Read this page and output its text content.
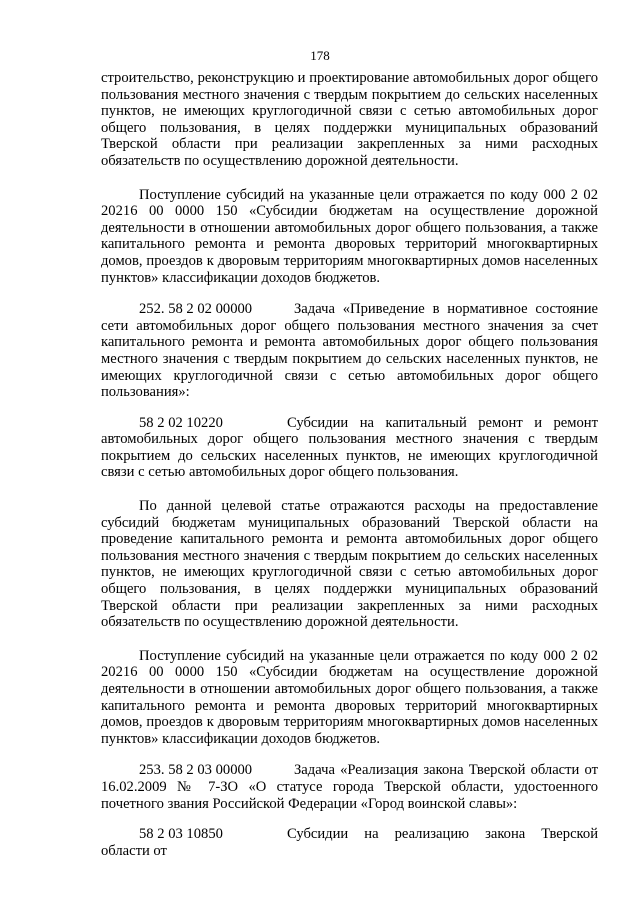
178

строительство, реконструкцию и проектирование автомобильных дорог общего пользования местного значения с твердым покрытием до сельских населенных пунктов, не имеющих круглогодичной связи с сетью автомобильных дорог общего пользования, в целях поддержки муниципальных образований Тверской области при реализации закрепленных за ними расходных обязательств по осуществлению дорожной деятельности.

Поступление субсидий на указанные цели отражается по коду 000 2 02 20216 00 0000 150 «Субсидии бюджетам на осуществление дорожной деятельности в отношении автомобильных дорог общего пользования, а также капитального ремонта и ремонта дворовых территорий многоквартирных домов, проездов к дворовым территориям многоквартирных домов населенных пунктов» классификации доходов бюджетов.

252. 58 2 02 00000	Задача «Приведение в нормативное состояние сети автомобильных дорог общего пользования местного значения за счет капитального ремонта и ремонта автомобильных дорог общего пользования местного значения с твердым покрытием до сельских населенных пунктов, не имеющих круглогодичной связи с сетью автомобильных дорог общего пользования»:

58 2 02 10220	Субсидии на капитальный ремонт и ремонт автомобильных дорог общего пользования местного значения с твердым покрытием до сельских населенных пунктов, не имеющих круглогодичной связи с сетью автомобильных дорог общего пользования.

По данной целевой статье отражаются расходы на предоставление субсидий бюджетам муниципальных образований Тверской области на проведение капитального ремонта и ремонта автомобильных дорог общего пользования местного значения с твердым покрытием до сельских населенных пунктов, не имеющих круглогодичной связи с сетью автомобильных дорог общего пользования, в целях поддержки муниципальных образований Тверской области при реализации закрепленных за ними расходных обязательств по осуществлению дорожной деятельности.

Поступление субсидий на указанные цели отражается по коду 000 2 02 20216 00 0000 150 «Субсидии бюджетам на осуществление дорожной деятельности в отношении автомобильных дорог общего пользования, а также капитального ремонта и ремонта дворовых территорий многоквартирных домов, проездов к дворовым территориям многоквартирных домов населенных пунктов» классификации доходов бюджетов.

253. 58 2 03 00000	Задача «Реализация закона Тверской области от 16.02.2009 № 7-ЗО «О статусе города Тверской области, удостоенного почетного звания Российской Федерации «Город воинской славы»:

58 2 03 10850	Субсидии на реализацию закона Тверской области от
